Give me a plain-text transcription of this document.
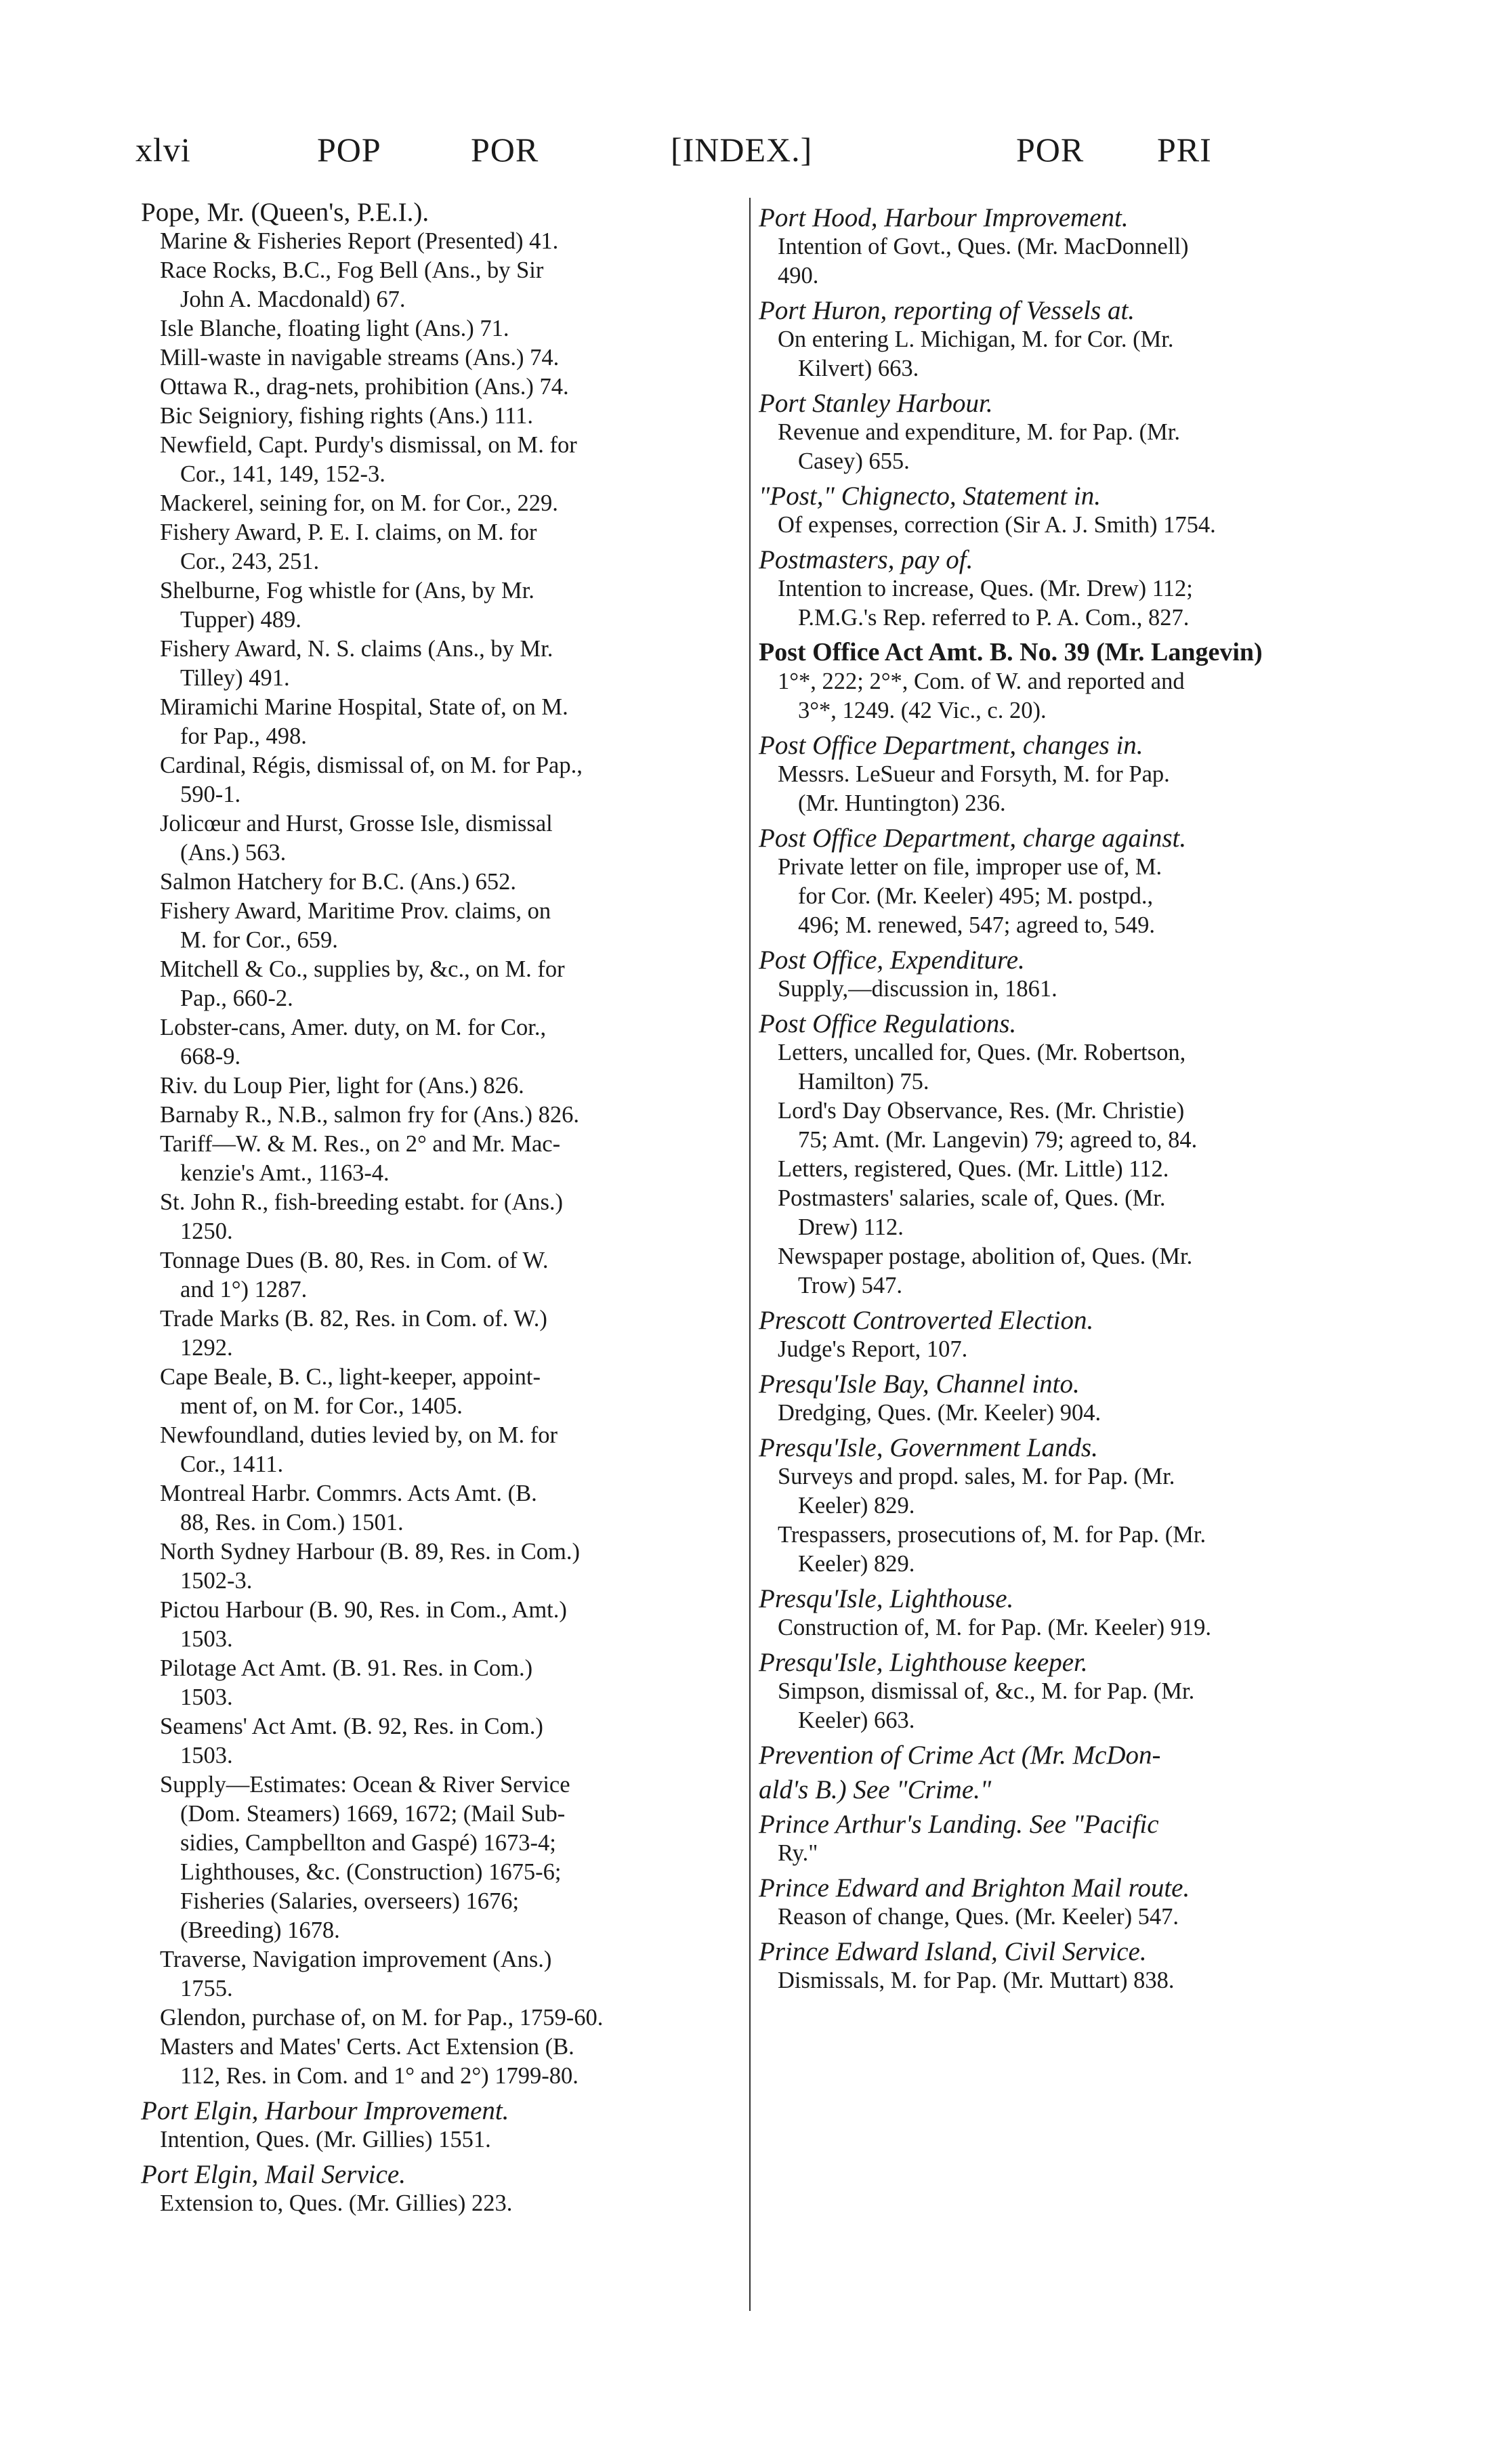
xlvi	POP	POR	[INDEX.]	POR PRI
Pope, Mr. (Queen's, P.E.I.).
Marine & Fisheries Report (Presented) 41.
Race Rocks, B.C., Fog Bell (Ans., by Sir
John A. Macdonald) 67.
Isle Blanche, floating light (Ans.) 71.
Mill-waste in navigable streams (Ans.) 74.
Ottawa R., drag-nets, prohibition (Ans.) 74.
Bic Seigniory, fishing rights (Ans.) 111.
Newfield, Capt. Purdy's dismissal, on M. for
Cor., 141, 149, 152-3.
Mackerel, seining for, on M. for Cor., 229.
Fishery Award, P. E. I. claims, on M. for
Cor., 243, 251.
Shelburne, Fog whistle for (Ans, by Mr.
Tupper) 489.
Fishery Award, N. S. claims (Ans., by Mr.
Tilley) 491.
Miramichi Marine Hospital, State of, on M.
for Pap., 498.
Cardinal, Régis, dismissal of, on M. for Pap.,
590-1.
Jolicœur and Hurst, Grosse Isle, dismissal
(Ans.) 563.
Salmon Hatchery for B.C. (Ans.) 652.
Fishery Award, Maritime Prov. claims, on
M. for Cor., 659.
Mitchell & Co., supplies by, &c., on M. for
Pap., 660-2.
Lobster-cans, Amer. duty, on M. for Cor.,
668-9.
Riv. du Loup Pier, light for (Ans.) 826.
Barnaby R., N.B., salmon fry for (Ans.) 826.
Tariff—W. & M. Res., on 2° and Mr. Mac-
kenzie's Amt., 1163-4.
St. John R., fish-breeding estabt. for (Ans.)
1250.
Tonnage Dues (B. 80, Res. in Com. of W.
and 1°) 1287.
Trade Marks (B. 82, Res. in Com. of. W.)
1292.
Cape Beale, B. C., light-keeper, appoint-
ment of, on M. for Cor., 1405.
Newfoundland, duties levied by, on M. for
Cor., 1411.
Montreal Harbr. Commrs. Acts Amt. (B.
88, Res. in Com.) 1501.
North Sydney Harbour (B. 89, Res. in Com.)
1502-3.
Pictou Harbour (B. 90, Res. in Com., Amt.)
1503.
Pilotage Act Amt. (B. 91. Res. in Com.)
1503.
Seamens' Act Amt. (B. 92, Res. in Com.)
1503.
Supply—Estimates: Ocean & River Service
(Dom. Steamers) 1669, 1672; (Mail Sub-
sidies, Campbellton and Gaspé) 1673-4;
Lighthouses, &c. (Construction) 1675-6;
Fisheries (Salaries, overseers) 1676;
(Breeding) 1678.
Traverse, Navigation improvement (Ans.)
1755.
Glendon, purchase of, on M. for Pap., 1759-60.
Masters and Mates' Certs. Act Extension (B.
112, Res. in Com. and 1° and 2°) 1799-80.
Port Elgin, Harbour Improvement.
Intention, Ques. (Mr. Gillies) 1551.
Port Elgin, Mail Service.
Extension to, Ques. (Mr. Gillies) 223.
Port Hood, Harbour Improvement.
Intention of Govt., Ques. (Mr. MacDonnell)
490.
Port Huron, reporting of Vessels at.
On entering L. Michigan, M. for Cor. (Mr.
Kilvert) 663.
Port Stanley Harbour.
Revenue and expenditure, M. for Pap. (Mr.
Casey) 655.
"Post," Chignecto, Statement in.
Of expenses, correction (Sir A. J. Smith) 1754.
Postmasters, pay of.
Intention to increase, Ques. (Mr. Drew) 112;
P.M.G.'s Rep. referred to P. A. Com., 827.
Post Office Act Amt. B. No. 39 (Mr. Langevin)
1°*, 222; 2°*, Com. of W. and reported and
3°*, 1249. (42 Vic., c. 20).
Post Office Department, changes in.
Messrs. LeSueur and Forsyth, M. for Pap.
(Mr. Huntington) 236.
Post Office Department, charge against.
Private letter on file, improper use of, M.
for Cor. (Mr. Keeler) 495; M. postpd.,
496; M. renewed, 547; agreed to, 549.
Post Office, Expenditure.
Supply,—discussion in, 1861.
Post Office Regulations.
Letters, uncalled for, Ques. (Mr. Robertson,
Hamilton) 75.
Lord's Day Observance, Res. (Mr. Christie)
75; Amt. (Mr. Langevin) 79; agreed to, 84.
Letters, registered, Ques. (Mr. Little) 112.
Postmasters' salaries, scale of, Ques. (Mr.
Drew) 112.
Newspaper postage, abolition of, Ques. (Mr.
Trow) 547.
Prescott Controverted Election.
Judge's Report, 107.
Presqu'Isle Bay, Channel into.
Dredging, Ques. (Mr. Keeler) 904.
Presqu'Isle, Government Lands.
Surveys and propd. sales, M. for Pap. (Mr.
Keeler) 829.
Trespassers, prosecutions of, M. for Pap. (Mr.
Keeler) 829.
Presqu'Isle, Lighthouse.
Construction of, M. for Pap. (Mr. Keeler) 919.
Presqu'Isle, Lighthouse keeper.
Simpson, dismissal of, &c., M. for Pap. (Mr.
Keeler) 663.
Prevention of Crime Act (Mr. McDon-
ald's B.) See "Crime."
Prince Arthur's Landing. See "Pacific
Ry."
Prince Edward and Brighton Mail route.
Reason of change, Ques. (Mr. Keeler) 547.
Prince Edward Island, Civil Service.
Dismissals, M. for Pap. (Mr. Muttart) 838.
